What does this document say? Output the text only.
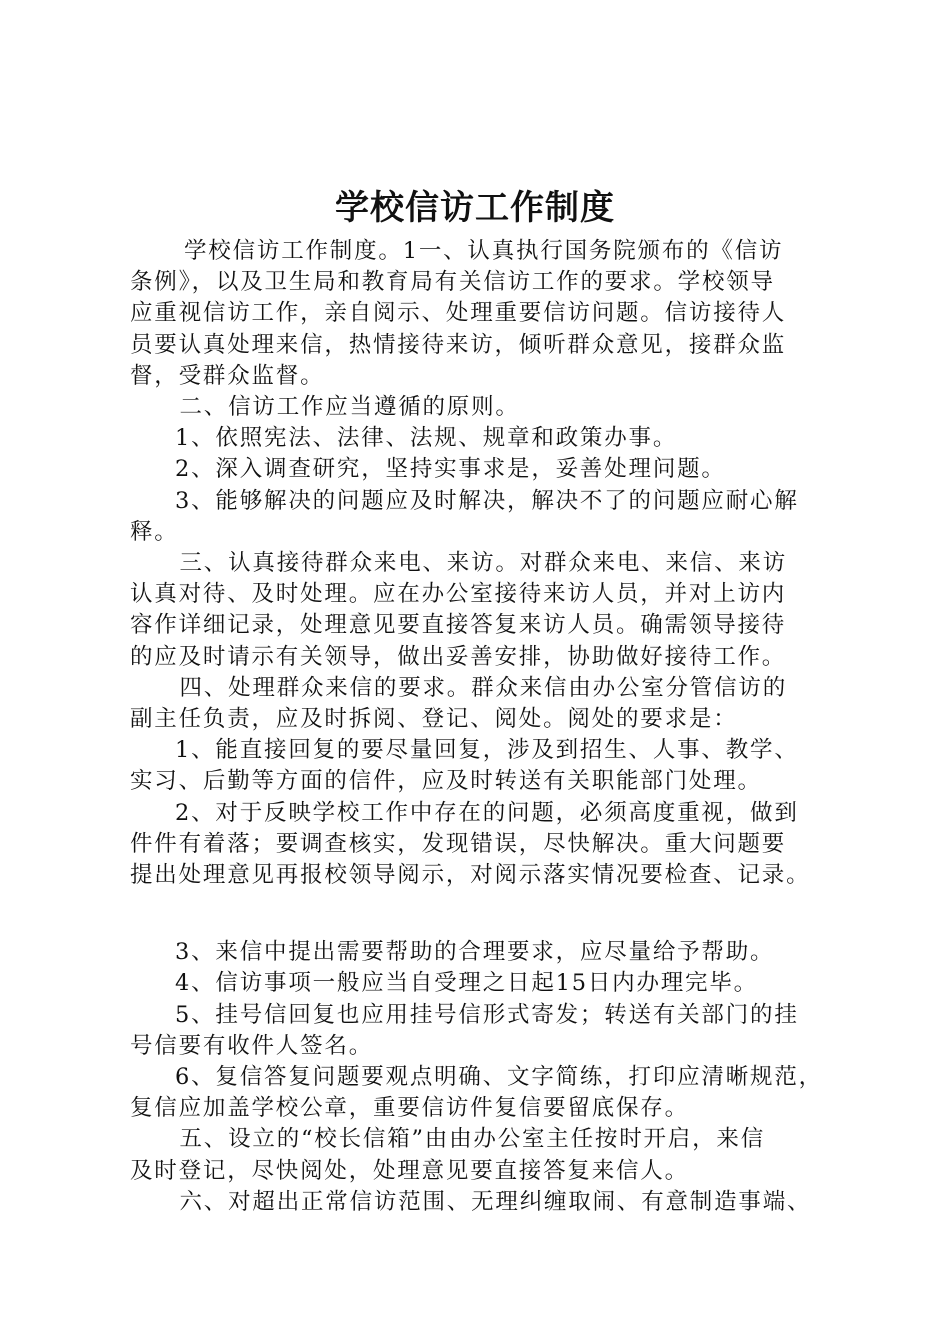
学校信访工作制度
学校信访工作制度。1一、认真执行国务院颁布的《信访
条例》，以及卫生局和教育局有关信访工作的要求。学校领导
应重视信访工作，亲自阅示、处理重要信访问题。信访接待人
员要认真处理来信，热情接待来访，倾听群众意见，接群众监
督，受群众监督。
二、信访工作应当遵循的原则。
1、依照宪法、法律、法规、规章和政策办事。
2、深入调查研究，坚持实事求是，妥善处理问题。
3、能够解决的问题应及时解决，解决不了的问题应耐心解
释。
三、认真接待群众来电、来访。对群众来电、来信、来访
认真对待、及时处理。应在办公室接待来访人员，并对上访内
容作详细记录，处理意见要直接答复来访人员。确需领导接待
的应及时请示有关领导，做出妥善安排，协助做好接待工作。
四、处理群众来信的要求。群众来信由办公室分管信访的
副主任负责，应及时拆阅、登记、阅处。阅处的要求是：
1、能直接回复的要尽量回复，涉及到招生、人事、教学、
实习、后勤等方面的信件，应及时转送有关职能部门处理。
2、对于反映学校工作中存在的问题，必须高度重视，做到
件件有着落；要调查核实，发现错误，尽快解决。重大问题要
提出处理意见再报校领导阅示，对阅示落实情况要检查、记录。
3、来信中提出需要帮助的合理要求，应尽量给予帮助。
4、信访事项一般应当自受理之日起15日内办理完毕。
5、挂号信回复也应用挂号信形式寄发；转送有关部门的挂
号信要有收件人签名。
6、复信答复问题要观点明确、文字简练，打印应清晰规范，
复信应加盖学校公章，重要信访件复信要留底保存。
五、设立的“校长信箱”由由办公室主任按时开启，来信
及时登记，尽快阅处，处理意见要直接答复来信人。
六、对超出正常信访范围、无理纠缠取闹、有意制造事端、
